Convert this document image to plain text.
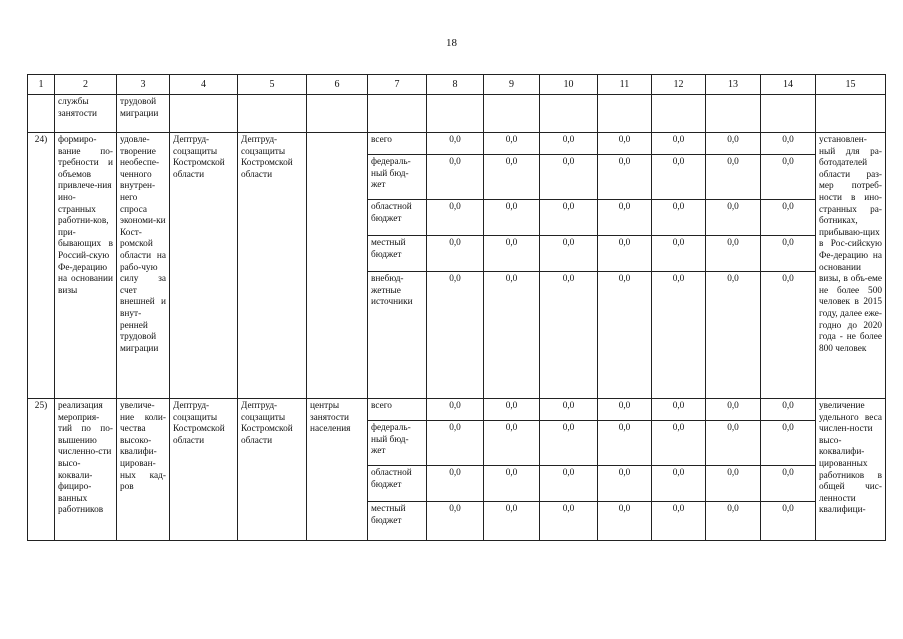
18
1	2	3	4	5	6	7	8	9	10	11	12	13	14	15
	службы занятости	трудовой миграции												
24)	формиро-вание по-требности и объемов привлече-ния ино-странных работни-ков, при-бывающих в Россий-скую Фе-дерацию на основании визы	удовле-творение необеспе-ченного внутрен-него спроса экономи-ки Кост-ромской области на рабо-чую силу за счет внешней и внут-ренней трудовой миграции	Дептруд-соцзащиты Костромской области	Дептруд-соцзащиты Костромской области		всего	0,0	0,0	0,0	0,0	0,0	0,0	0,0	установлен-ный для ра-ботодателей области раз-мер потреб-ности в ино-странных ра-ботниках, прибываю-щих в Рос-сийскую Фе-дерацию на основании визы, в объ-еме не более 500 человек в 2015 году, далее еже-годно до 2020 года - не более 800 человек
						федераль-ный бюд-жет	0,0	0,0	0,0	0,0	0,0	0,0	0,0	
						областной бюджет	0,0	0,0	0,0	0,0	0,0	0,0	0,0	
						местный бюджет	0,0	0,0	0,0	0,0	0,0	0,0	0,0	
						внебюд-жетные источники	0,0	0,0	0,0	0,0	0,0	0,0	0,0	
25)	реализация мероприя-тий по по-вышению численно-сти высо-коквали-фициро-ванных работников	увеличе-ние коли-чества высоко-квалифи-цирован-ных кад-ров	Дептруд-соцзащиты Костромской области	Дептруд-соцзащиты Костромской области	центры занятости населения	всего	0,0	0,0	0,0	0,0	0,0	0,0	0,0	увеличение удельного веса числен-ности высо-коквалифи-цированных работников в общей чис-ленности квалифици-
						федераль-ный бюд-жет	0,0	0,0	0,0	0,0	0,0	0,0	0,0	
						областной бюджет	0,0	0,0	0,0	0,0	0,0	0,0	0,0	
						местный бюджет	0,0	0,0	0,0	0,0	0,0	0,0	0,0	
